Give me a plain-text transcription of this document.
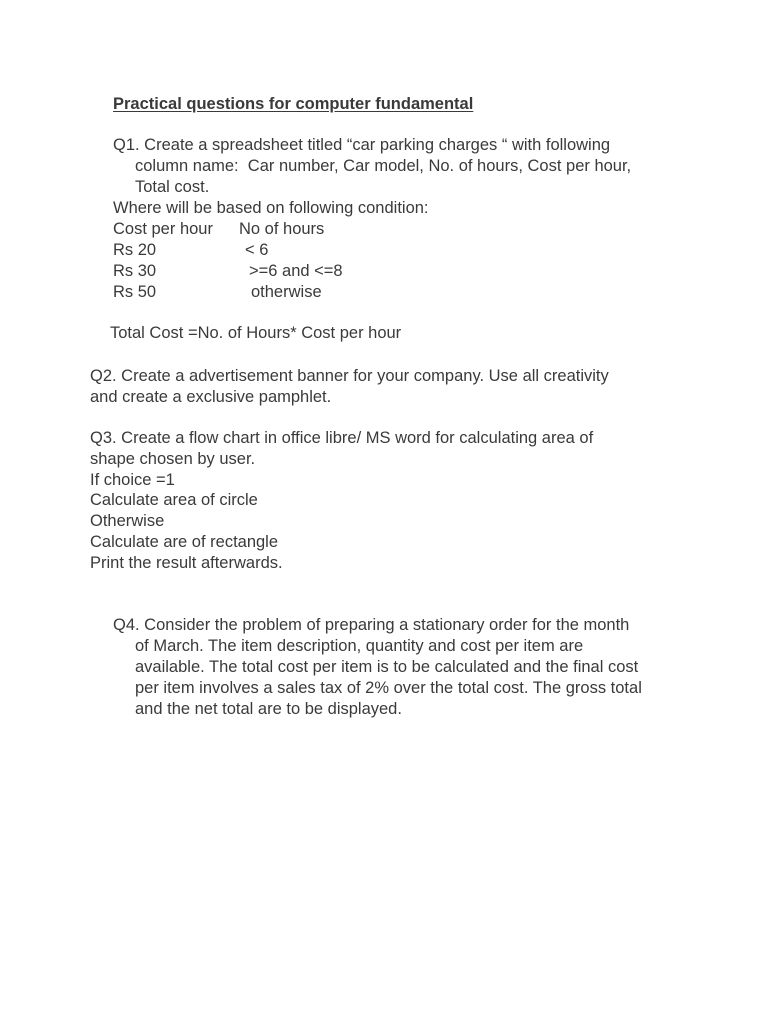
Practical questions for computer fundamental
Q1. Create a spreadsheet titled “car parking charges “ with following
column name:  Car number, Car model, No. of hours, Cost per hour,
Total cost.
Where will be based on following condition:
Cost per hour No of hours
Rs 20	< 6
Rs 30	>=6 and <=8
Rs 50	otherwise
Total Cost =No. of Hours* Cost per hour
Q2. Create a advertisement banner for your company. Use all creativity
and create a exclusive pamphlet.
Q3. Create a flow chart in office libre/ MS word for calculating area of
shape chosen by user.
If choice =1
Calculate area of circle
Otherwise
Calculate are of rectangle
Print the result afterwards.
Q4. Consider the problem of preparing a stationary order for the month
of March. The item description, quantity and cost per item are
available. The total cost per item is to be calculated and the final cost
per item involves a sales tax of 2% over the total cost. The gross total
and the net total are to be displayed.
